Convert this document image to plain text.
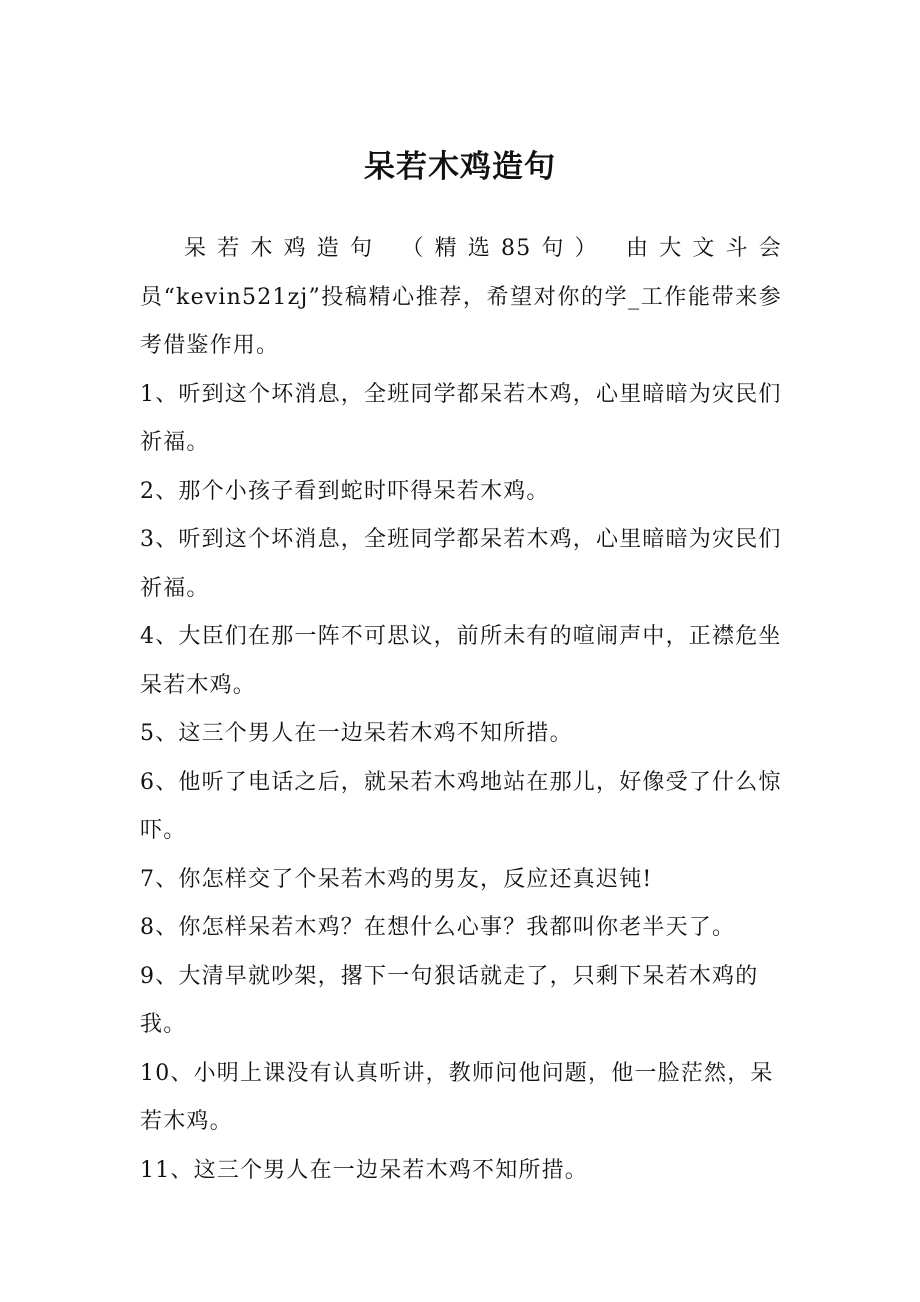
呆若木鸡造句

呆若木鸡造句 （精选85句） 由大文斗会员“kevin521zj”投稿精心推荐，希望对你的学_工作能带来参考借鉴作用。

1、听到这个坏消息，全班同学都呆若木鸡，心里暗暗为灾民们祈福。

2、那个小孩子看到蛇时吓得呆若木鸡。

3、听到这个坏消息，全班同学都呆若木鸡，心里暗暗为灾民们祈福。

4、大臣们在那一阵不可思议，前所未有的喧闹声中，正襟危坐呆若木鸡。

5、这三个男人在一边呆若木鸡不知所措。

6、他听了电话之后，就呆若木鸡地站在那儿，好像受了什么惊吓。

7、你怎样交了个呆若木鸡的男友，反应还真迟钝!

8、你怎样呆若木鸡？在想什么心事？我都叫你老半天了。

9、大清早就吵架，撂下一句狠话就走了，只剩下呆若木鸡的我。

10、小明上课没有认真听讲，教师问他问题，他一脸茫然，呆若木鸡。

11、这三个男人在一边呆若木鸡不知所措。
